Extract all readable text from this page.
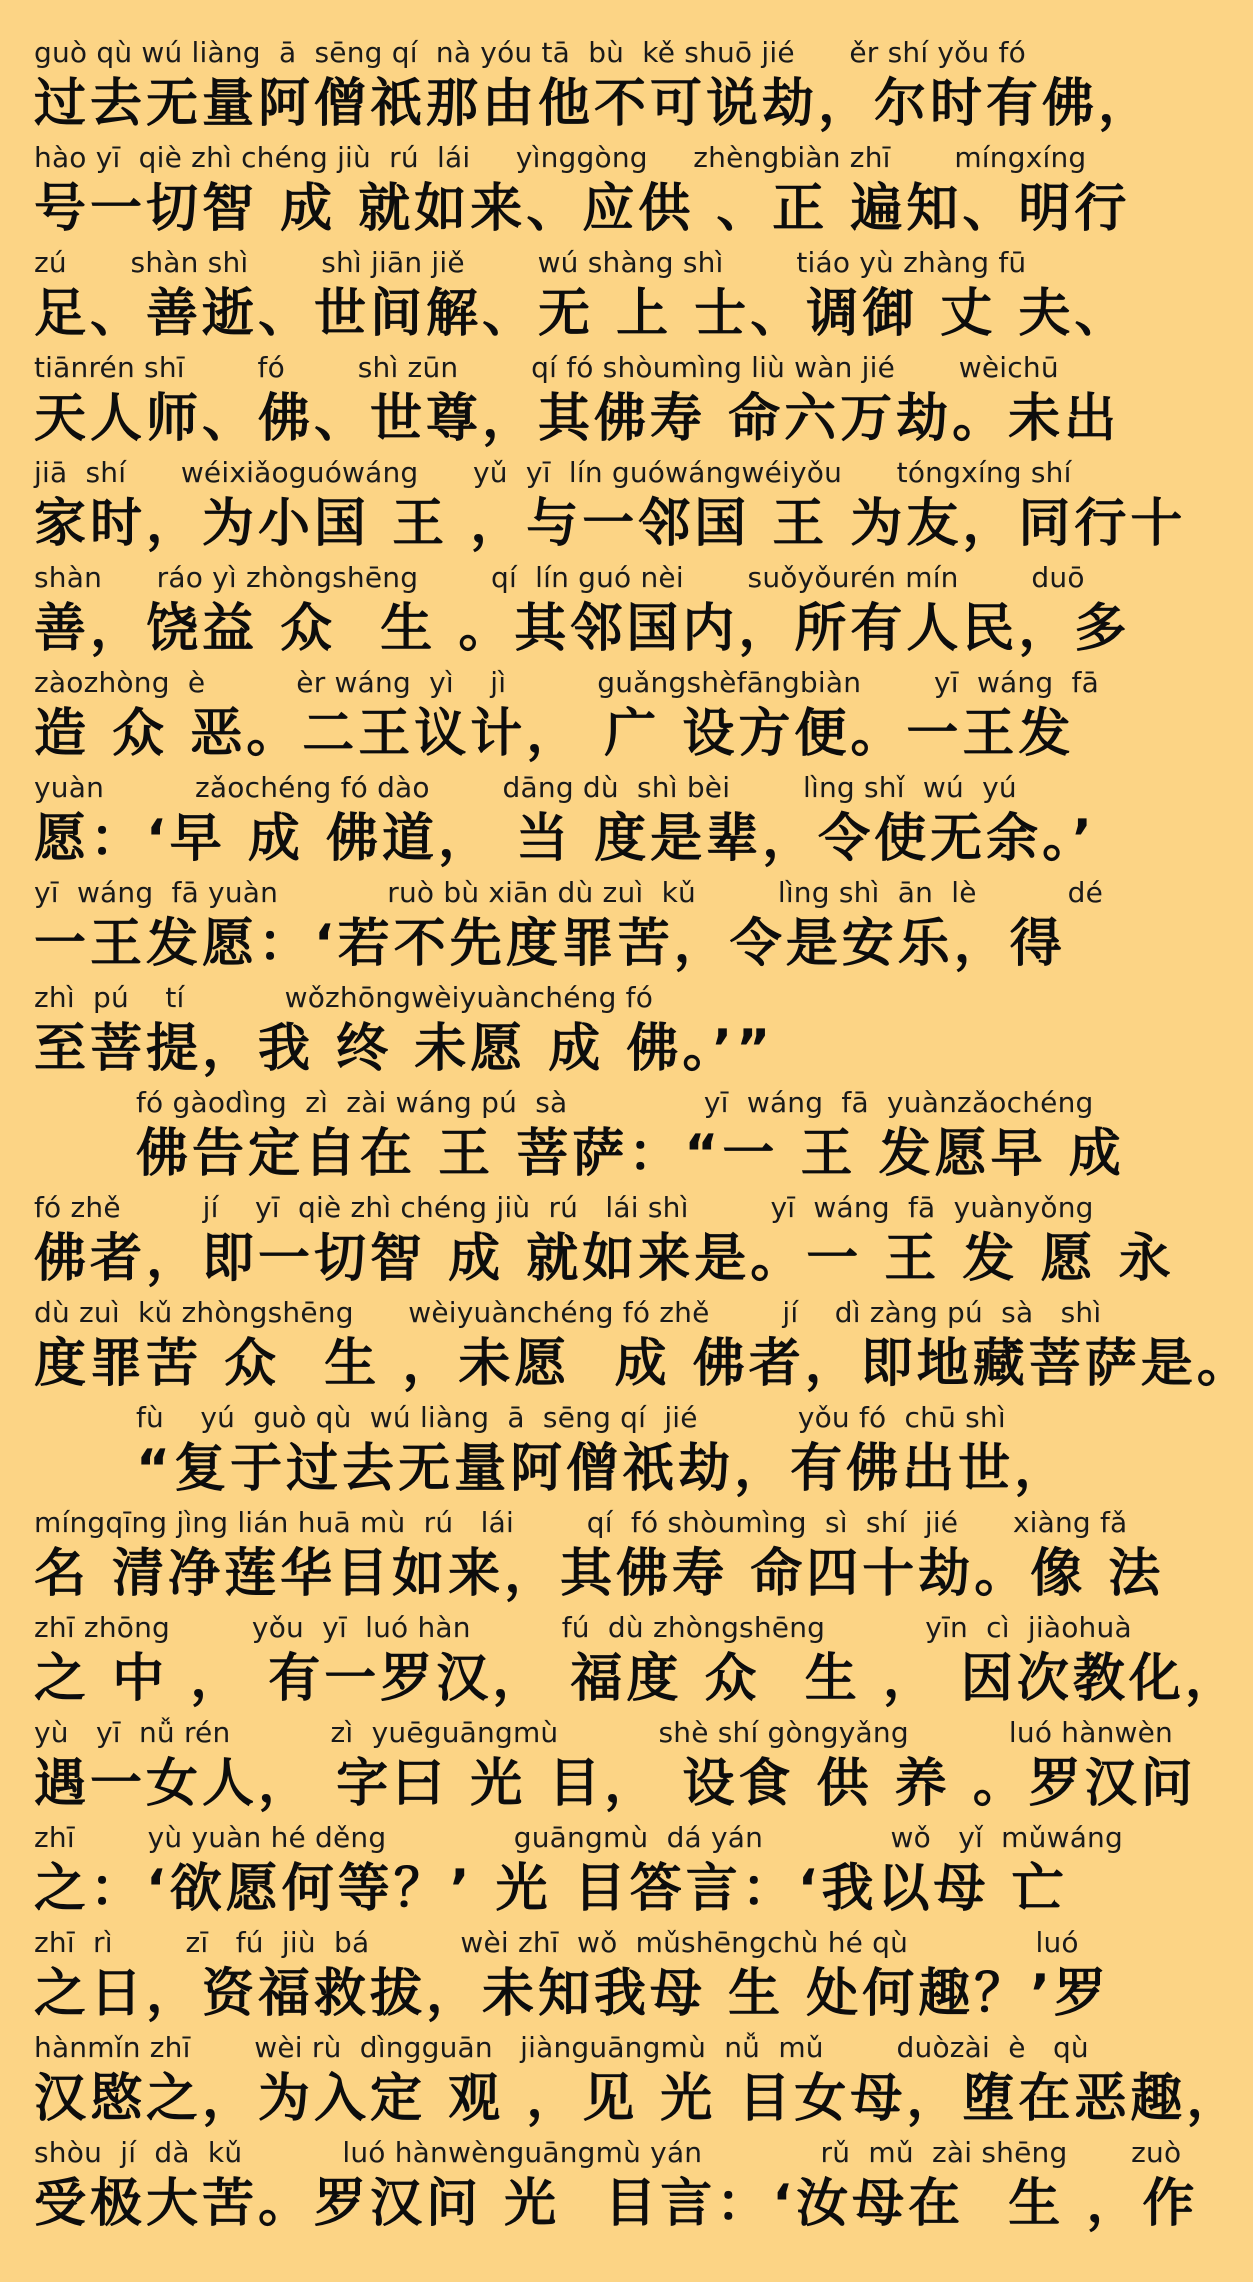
guò qù wú liàng  ā  sēng qí  nà yóu tā  bù  kě shuō jié      ěr shí yǒu fó
过去无量阿僧祇那由他不可说劫，尔时有佛，
hào yī  qiè zhì chéng jiù  rú  lái     yìnggòng     zhèngbiàn zhī       míngxíng
号一切智 成 就如来、应供 、正 遍知、明行
zú       shàn shì        shì jiān jiě        wú shàng shì        tiáo yù zhàng fū
足、善逝、世间解、无 上 士、调御 丈 夫、
tiānrén shī        fó        shì zūn        qí fó shòumìng liù wàn jié       wèichū
天人师、佛、世尊，其佛寿 命六万劫。未出
jiā  shí      wéixiǎoguówáng      yǔ  yī  lín guówángwéiyǒu      tóngxíng shí
家时，为小国 王 ，与一邻国 王 为友，同行十
shàn      ráo yì zhòngshēng        qí  lín guó nèi       suǒyǒurén mín        duō
善，饶益 众  生 。其邻国内，所有人民，多
zàozhòng  è          èr wáng  yì    jì          guǎngshèfāngbiàn        yī  wáng  fā
造 众 恶。二王议计， 广 设方便。一王发
yuàn          zǎochéng fó dào        dāng dù  shì bèi        lìng shǐ  wú  yú
愿：‘早 成 佛道， 当 度是辈，令使无余。’
yī  wáng  fā yuàn            ruò bù xiān dù zuì  kǔ         lìng shì  ān  lè          dé
一王发愿：‘若不先度罪苦，令是安乐，得
zhì  pú    tí           wǒzhōngwèiyuànchéng fó
至菩提，我 终 未愿 成 佛。’”
fó gàodìng  zì  zài wáng pú  sà               yī  wáng  fā  yuànzǎochéng
佛告定自在 王 菩萨：“一 王 发愿早 成
fó zhě         jí    yī  qiè zhì chéng jiù  rú   lái shì         yī  wáng  fā  yuànyǒng
佛者，即一切智 成 就如来是。一 王 发 愿 永
dù zuì  kǔ zhòngshēng      wèiyuànchéng fó zhě        jí    dì zàng pú  sà   shì
度罪苦 众  生 ，未愿  成 佛者，即地藏菩萨是。
fù    yú  guò qù  wú liàng  ā  sēng qí  jié           yǒu fó  chū shì
“复于过去无量阿僧祇劫，有佛出世，
míngqīng jìng lián huā mù  rú   lái        qí  fó shòumìng  sì  shí  jié      xiàng fǎ
名 清净莲华目如来，其佛寿 命四十劫。像 法
zhī zhōng         yǒu  yī  luó hàn          fú  dù zhòngshēng           yīn  cì  jiàohuà
之 中 ， 有一罗汉， 福度 众  生 ， 因次教化，
yù   yī  nǚ rén           zì  yuēguāngmù           shè shí gòngyǎng           luó hànwèn
遇一女人， 字曰 光 目， 设食 供 养 。罗汉问
zhī        yù yuàn hé děng              guāngmù  dá yán              wǒ   yǐ  mǔwáng
之：‘欲愿何等？’ 光 目答言：‘我以母 亡
zhī  rì        zī   fú  jiù  bá          wèi zhī  wǒ  mǔshēngchù hé qù              luó
之日，资福救拔，未知我母 生 处何趣？’罗
hànmǐn zhī       wèi rù  dìngguān   jiànguāngmù  nǚ  mǔ        duòzài  è   qù
汉愍之，为入定 观 ，见 光 目女母，堕在恶趣，
shòu  jí  dà  kǔ           luó hànwènguāngmù yán             rǔ  mǔ  zài shēng       zuò
受极大苦。罗汉问 光  目言：‘汝母在  生 ，作
